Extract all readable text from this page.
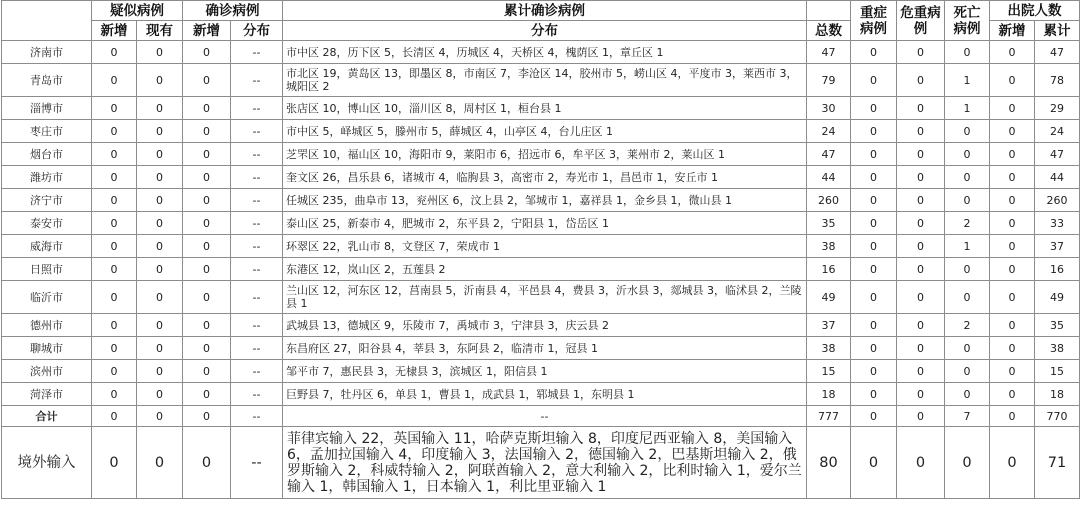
	疑似病例		确诊病例		累计确诊病例		重症病例	危重病例	死亡病例	出院人数	
	新增	现有	新增	分布	分布	总数				新增	累计
济南市	0	0	0	--	市中区 28，历下区 5，长清区 4，历城区 4，天桥区 4，槐荫区 1，章丘区 1	47	0	0	0	0	47
青岛市	0	0	0	--	市北区 19，黄岛区 13，即墨区 8，市南区 7，李沧区 14，胶州市 5，崂山区 4，平度市 3，莱西市 3，城阳区 2	79	0	0	1	0	78
淄博市	0	0	0	--	张店区 10，博山区 10，淄川区 8，周村区 1，桓台县 1	30	0	0	1	0	29
枣庄市	0	0	0	--	市中区 5，峄城区 5，滕州市 5，薛城区 4，山亭区 4，台儿庄区 1	24	0	0	0	0	24
烟台市	0	0	0	--	芝罘区 10，福山区 10，海阳市 9，莱阳市 6，招远市 6，牟平区 3，莱州市 2，莱山区 1	47	0	0	0	0	47
潍坊市	0	0	0	--	奎文区 26，昌乐县 6，诸城市 4，临朐县 3，高密市 2，寿光市 1，昌邑市 1，安丘市 1	44	0	0	0	0	44
济宁市	0	0	0	--	任城区 235，曲阜市 13，兖州区 6，汶上县 2，邹城市 1，嘉祥县 1，金乡县 1，微山县 1	260	0	0	0	0	260
泰安市	0	0	0	--	泰山区 25，新泰市 4，肥城市 2，东平县 2，宁阳县 1，岱岳区 1	35	0	0	2	0	33
威海市	0	0	0	--	环翠区 22，乳山市 8，文登区 7，荣成市 1	38	0	0	1	0	37
日照市	0	0	0	--	东港区 12，岚山区 2，五莲县 2	16	0	0	0	0	16
临沂市	0	0	0	--	兰山区 12，河东区 12，莒南县 5，沂南县 4，平邑县 4，费县 3，沂水县 3，郯城县 3，临沭县 2，兰陵县 1	49	0	0	0	0	49
德州市	0	0	0	--	武城县 13，德城区 9，乐陵市 7，禹城市 3，宁津县 3，庆云县 2	37	0	0	2	0	35
聊城市	0	0	0	--	东昌府区 27，阳谷县 4，莘县 3，东阿县 2，临清市 1，冠县 1	38	0	0	0	0	38
滨州市	0	0	0	--	邹平市 7，惠民县 3，无棣县 3，滨城区 1，阳信县 1	15	0	0	0	0	15
菏泽市	0	0	0	--	巨野县 7，牡丹区 6，单县 1，曹县 1，成武县 1，郓城县 1，东明县 1	18	0	0	0	0	18
合计	0	0	0	--	--	777	0	0	7	0	770
境外输入	0	0	0	--	菲律宾输入 22，英国输入 11，哈萨克斯坦输入 8，印度尼西亚输入 8，美国输入 6，孟加拉国输入 4，印度输入 3，法国输入 2，德国输入 2，巴基斯坦输入 2，俄罗斯输入 2，科威特输入 2，阿联酋输入 2，意大利输入 2，比利时输入 1，爱尔兰输入 1，韩国输入 1，日本输入 1，利比里亚输入 1	80	0	0	0	0	71
